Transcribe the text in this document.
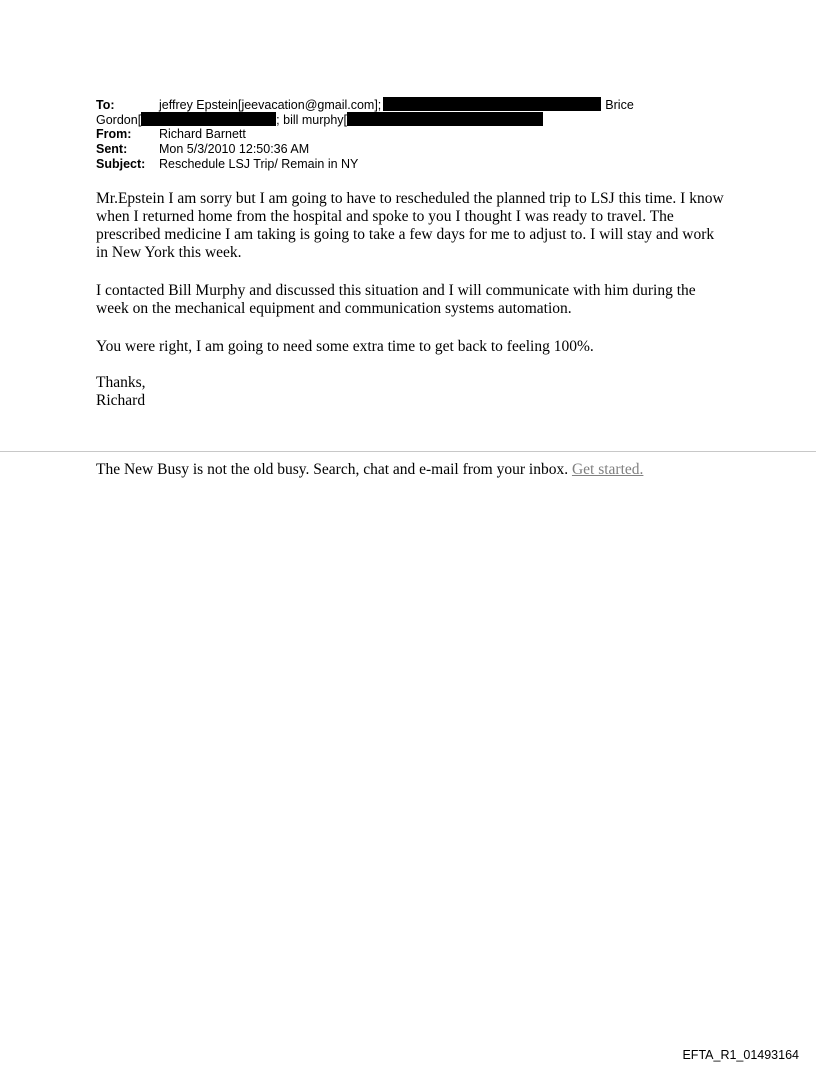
To:	jeffrey Epstein[jeevacation@gmail.com];	Brice
Gordon[	; bill murphy[
From: Richard Barnett
Sent:	Mon 5/3/2010 12:50:36 AM
Subject: Reschedule LSJ Trip/ Remain in NY

Mr.Epstein I am sorry but I am going to have to rescheduled the planned trip to LSJ this time. I know when I returned home from the hospital and spoke to you I thought I was ready to travel. The prescribed medicine I am taking is going to take a few days for me to adjust to. I will stay and work in New York this week.

I contacted Bill Murphy and discussed this situation and I will communicate with him during the week on the mechanical equipment and communication systems automation.

You were right, I am going to need some extra time to get back to feeling 100%.

Thanks,

Richard

The New Busy is not the old busy. Search, chat and e-mail from your inbox. Get started.
EFTA_R1_01493164
